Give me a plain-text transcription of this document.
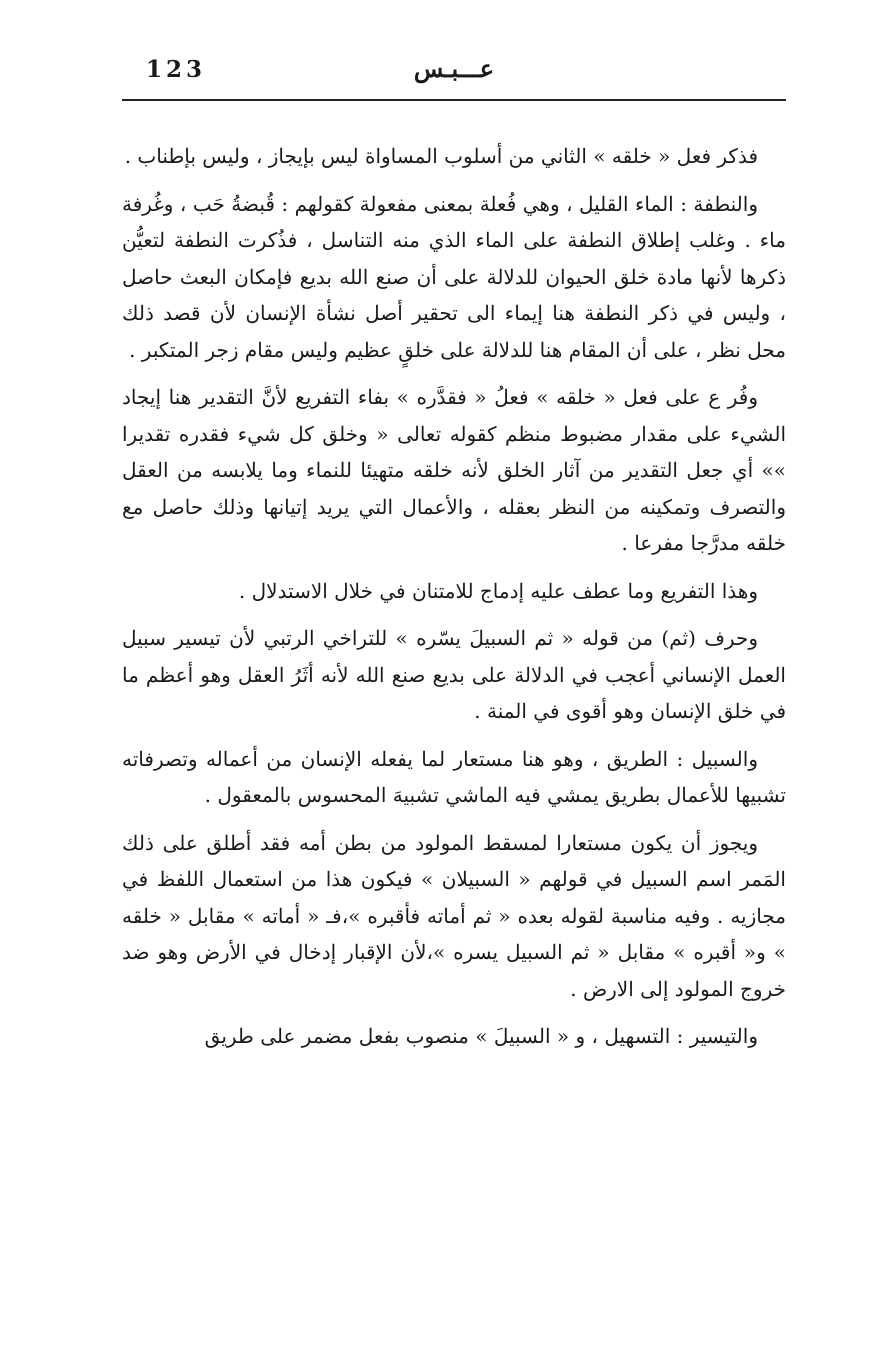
123	عـــبـس

فذكر فعل « خلقه » الثاني من أسلوب المساواة ليس بإيجاز ، وليس بإطناب .

والنطفة : الماء القليل ، وهي فُعلة بمعنى مفعولة كقولهم : قُبضةُ حَب ، وغُرفة ماء . وغلب إطلاق النطفة على الماء الذي منه التناسل ، فذُكرت النطفة لتعيُّن ذكرها لأنها مادة خلق الحيوان للدلالة على أن صنع الله بديع فإمكان البعث حاصل ، وليس في ذكر النطفة هنا إيماء الى تحقير أصل نشأة الإنسان لأن قصد ذلك محل نظر ، على أن المقام هنا للدلالة على خلقٍ عظيم وليس مقام زجر المتكبر .

وفُر ع على فعل « خلقه » فعلُ « فقدَّره » بفاء التفريع لأنَّ التقدير هنا إيجاد الشيء على مقدار مضبوط منظم كقوله تعالى « وخلق كل شيء فقدره تقديرا »» أي جعل التقدير من آثار الخلق لأنه خلقه متهيئا للنماء وما يلابسه من العقل والتصرف وتمكينه من النظر بعقله ، والأعمال التي يريد إتيانها وذلك حاصل مع خلقه مدرَّجا مفرعا .

وهذا التفريع وما عطف عليه إدماج للامتنان في خلال الاستدلال .

وحرف (ثم) من قوله « ثم السبيلَ يسّره » للتراخي الرتبي لأن تيسير سبيل العمل الإنساني أعجب في الدلالة على بديع صنع الله لأنه أثَرُ العقل وهو أعظم ما في خلق الإنسان وهو أقوى في المنة .

والسبيل : الطريق ، وهو هنا مستعار لما يفعله الإنسان من أعماله وتصرفاته تشبيها للأعمال بطريق يمشي فيه الماشي تشبيهَ المحسوس بالمعقول .

ويجوز أن يكون مستعارا لمسقط المولود من بطن أمه فقد أطلق على ذلك المَمر اسم السبيل في قولهم « السبيلان » فيكون هذا من استعمال اللفظ في مجازيه . وفيه مناسبة لقوله بعده « ثم أماته فأقبره »،فـ « أماته » مقابل « خلقه » و« أقبره » مقابل « ثم السبيل يسره »،لأن الإقبار إدخال في الأرض وهو ضد خروج المولود إلى الارض .

والتيسير : التسهيل ، و « السبيلَ » منصوب بفعل مضمر على طريق
